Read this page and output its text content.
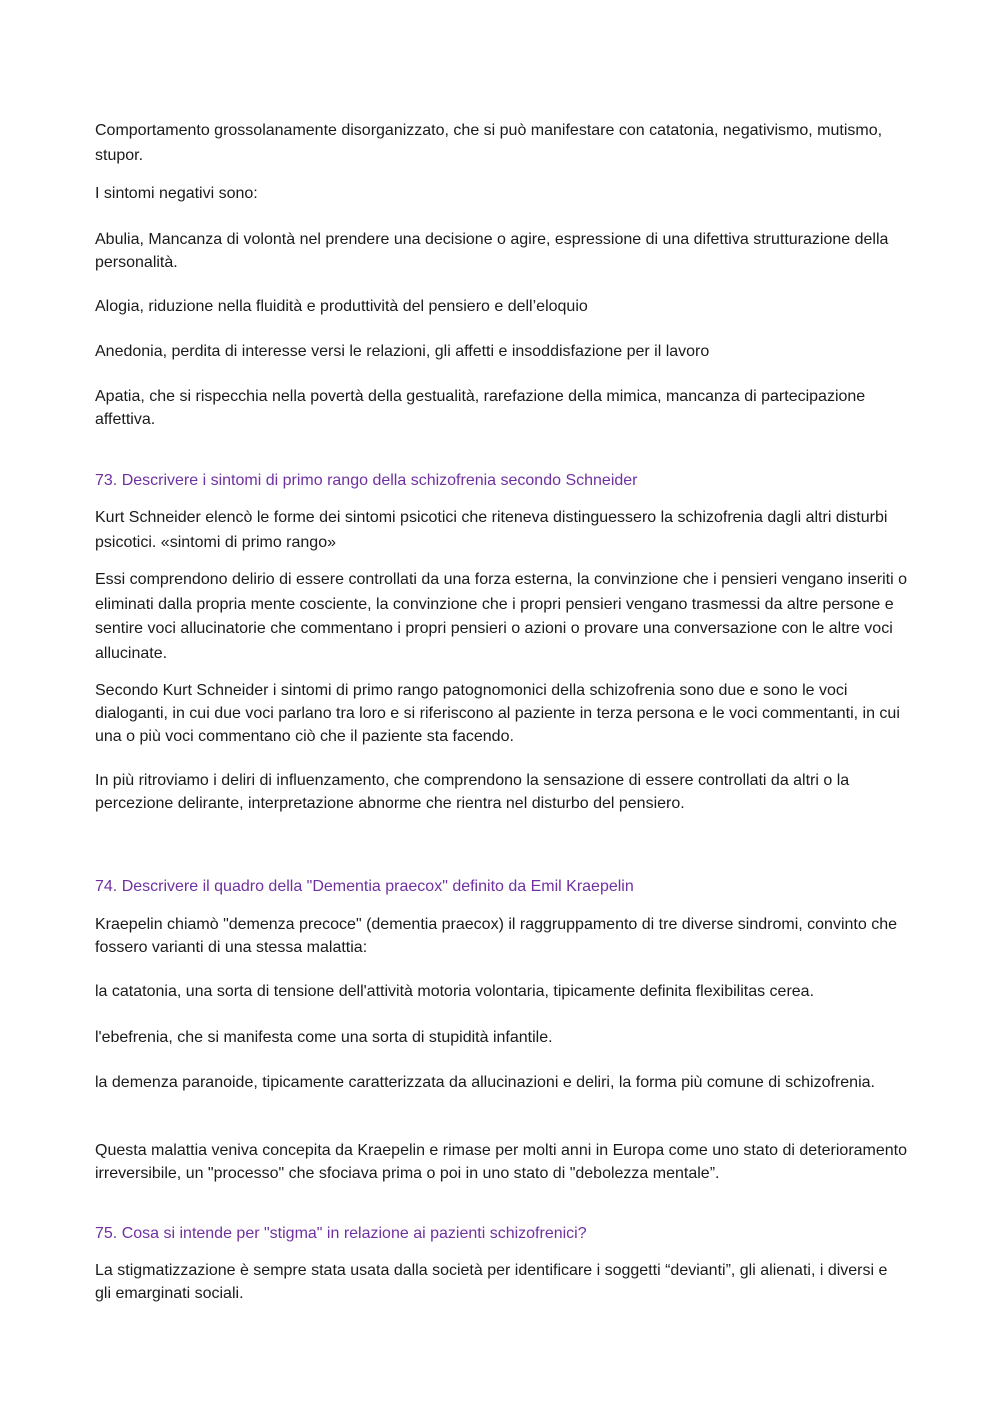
Comportamento grossolanamente disorganizzato, che si può manifestare con catatonia, negativismo, mutismo, stupor.

I sintomi negativi sono:

Abulia, Mancanza di volontà nel prendere una decisione o agire, espressione di una difettiva strutturazione della personalità.

Alogia, riduzione nella fluidità e produttività del pensiero e dell’eloquio

Anedonia, perdita di interesse versi le relazioni, gli affetti e insoddisfazione per il lavoro

Apatia, che si rispecchia nella povertà della gestualità, rarefazione della mimica, mancanza di partecipazione affettiva.

73. Descrivere i sintomi di primo rango della schizofrenia secondo Schneider

Kurt Schneider elencò le forme dei sintomi psicotici che riteneva distinguessero la schizofrenia dagli altri disturbi psicotici. «sintomi di primo rango»

Essi comprendono delirio di essere controllati da una forza esterna, la convinzione che i pensieri vengano inseriti o eliminati dalla propria mente cosciente, la convinzione che i propri pensieri vengano trasmessi da altre persone e sentire voci allucinatorie che commentano i propri pensieri o azioni o provare una conversazione con le altre voci allucinate.

Secondo Kurt Schneider i sintomi di primo rango patognomonici della schizofrenia sono due e sono le voci dialoganti, in cui due voci parlano tra loro e si riferiscono al paziente in terza persona e le voci commentanti, in cui una o più voci commentano ciò che il paziente sta facendo.

In più ritroviamo i deliri di influenzamento, che comprendono la sensazione di essere controllati da altri o la percezione delirante, interpretazione abnorme che rientra nel disturbo del pensiero.

74. Descrivere il quadro della "Dementia praecox" definito da Emil Kraepelin

Kraepelin chiamò "demenza precoce" (dementia praecox) il raggruppamento di tre diverse sindromi, convinto che fossero varianti di una stessa malattia:

la catatonia, una sorta di tensione dell'attività motoria volontaria, tipicamente definita flexibilitas cerea.

l'ebefrenia, che si manifesta come una sorta di stupidità infantile.

la demenza paranoide, tipicamente caratterizzata da allucinazioni e deliri, la forma più comune di schizofrenia.

Questa malattia veniva concepita da Kraepelin e rimase per molti anni in Europa come uno stato di deterioramento irreversibile, un "processo" che sfociava prima o poi in uno stato di "debolezza mentale”.

75. Cosa si intende per "stigma" in relazione ai pazienti schizofrenici?

La stigmatizzazione è sempre stata usata dalla società per identificare i soggetti “devianti”, gli alienati, i diversi e gli emarginati sociali.
